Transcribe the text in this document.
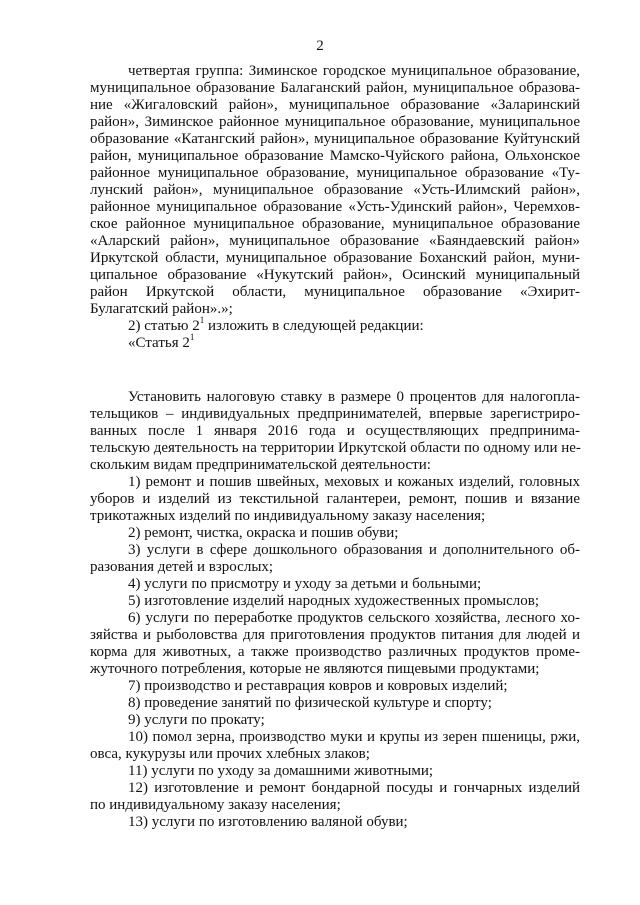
2
четвертая группа: Зиминское городское муниципальное образование,
муниципальное образование Балаганский район, муниципальное образова-
ние «Жигаловский район», муниципальное образование «Заларинский
район», Зиминское районное муниципальное образование, муниципальное
образование «Катангский район», муниципальное образование Куйтунский
район, муниципальное образование Мамско-Чуйского района, Ольхонское
районное муниципальное образование, муниципальное образование «Ту-
лунский район», муниципальное образование «Усть-Илимский район»,
районное муниципальное образование «Усть-Удинский район», Черемхов-
ское районное муниципальное образование, муниципальное образование
«Аларский район», муниципальное образование «Баяндаевский район»
Иркутской области, муниципальное образование Боханский район, муни-
ципальное образование «Нукутский район», Осинский муниципальный
район Иркутской области, муниципальное образование «Эхирит-
Булагатский район».»;
2) статью $2^1$ изложить в следующей редакции:
«Статья $2^1$
Установить налоговую ставку в размере 0 процентов для налогопла-
тельщиков – индивидуальных предпринимателей, впервые зарегистриро-
ванных после 1 января 2016 года и осуществляющих предпринима-
тельскую деятельность на территории Иркутской области по одному или не-
скольким видам предпринимательской деятельности:
1) ремонт и пошив швейных, меховых и кожаных изделий, головных
уборов и изделий из текстильной галантереи, ремонт, пошив и вязание
трикотажных изделий по индивидуальному заказу населения;
2) ремонт, чистка, окраска и пошив обуви;
3) услуги в сфере дошкольного образования и дополнительного об-
разования детей и взрослых;
4) услуги по присмотру и уходу за детьми и больными;
5) изготовление изделий народных художественных промыслов;
6) услуги по переработке продуктов сельского хозяйства, лесного хо-
зяйства и рыболовства для приготовления продуктов питания для людей и
корма для животных, а также производство различных продуктов проме-
жуточного потребления, которые не являются пищевыми продуктами;
7) производство и реставрация ковров и ковровых изделий;
8) проведение занятий по физической культуре и спорту;
9) услуги по прокату;
10) помол зерна, производство муки и крупы из зерен пшеницы, ржи,
овса, кукурузы или прочих хлебных злаков;
11) услуги по уходу за домашними животными;
12) изготовление и ремонт бондарной посуды и гончарных изделий
по индивидуальному заказу населения;
13) услуги по изготовлению валяной обуви;
